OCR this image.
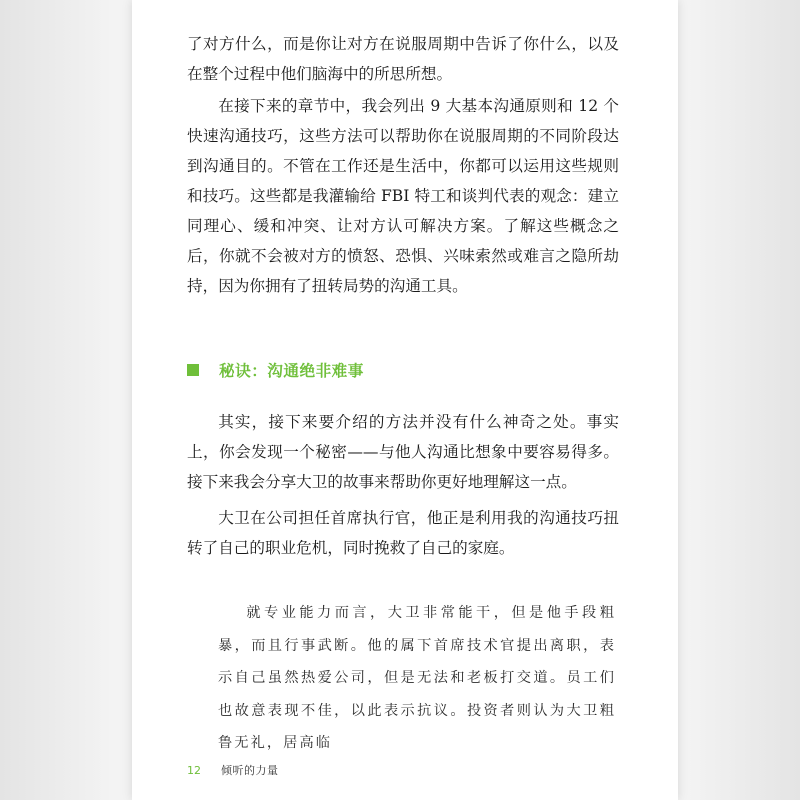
了对方什么，而是你让对方在说服周期中告诉了你什么，以及在整个过程中他们脑海中的所思所想。

在接下来的章节中，我会列出 9 大基本沟通原则和 12 个快速沟通技巧，这些方法可以帮助你在说服周期的不同阶段达到沟通目的。不管在工作还是生活中，你都可以运用这些规则和技巧。这些都是我灌输给 FBI 特工和谈判代表的观念：建立同理心、缓和冲突、让对方认可解决方案。了解这些概念之后，你就不会被对方的愤怒、恐惧、兴味索然或难言之隐所劫持，因为你拥有了扭转局势的沟通工具。

秘诀：沟通绝非难事

其实，接下来要介绍的方法并没有什么神奇之处。事实上，你会发现一个秘密——与他人沟通比想象中要容易得多。接下来我会分享大卫的故事来帮助你更好地理解这一点。

大卫在公司担任首席执行官，他正是利用我的沟通技巧扭转了自己的职业危机，同时挽救了自己的家庭。

就专业能力而言，大卫非常能干，但是他手段粗暴，而且行事武断。他的属下首席技术官提出离职，表示自己虽然热爱公司，但是无法和老板打交道。员工们也故意表现不佳，以此表示抗议。投资者则认为大卫粗鲁无礼，居高临

12	倾听的力量
